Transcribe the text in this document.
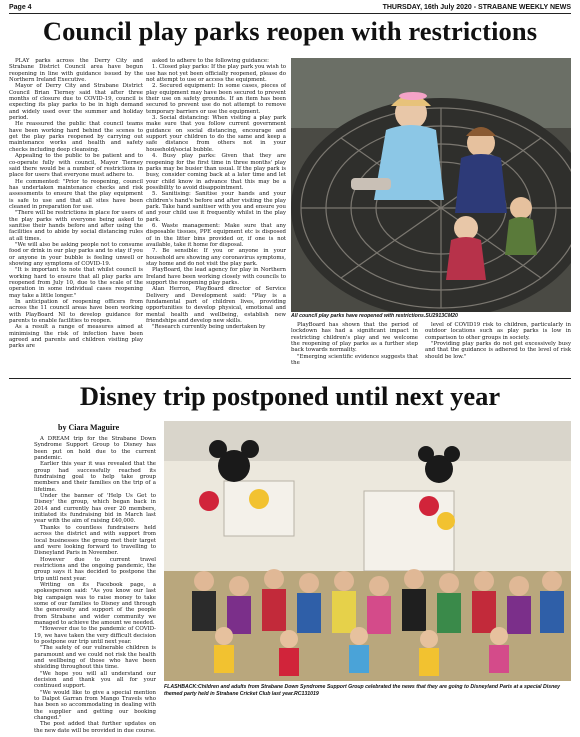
Page 4	THURSDAY, 16th July 2020 - STRABANE WEEKLY NEWS
Council play parks reopen with restrictions

PLAY parks across the Derry City and Strabane District Council area have begun reopening in line with guidance issued by the Northern Ireland Executive.

Mayor of Derry City and Strabane District Council Brian Tierney said that after three months of closure due to COVID-19, council is expecting its play parks to be in high demand and widely used over the summer and holiday period.

He reassured the public that council teams have been working hard behind the scenes to get the play parks reopened by carrying out maintenance works and health and safety checks including deep cleansing.

Appealing to the public to be patient and to co-operate fully with council, Mayor Tierney said there would be a number of restrictions in place for users that everyone must adhere to.

He commented: "Prior to reopening, council has undertaken maintenance checks and risk assessments to ensure that the play equipment is safe to use and that all sites have been cleaned in preparation for use.

"There will be restrictions in place for users of the play parks with everyone being asked to sanitise their hands before and after using the facilities and to abide by social distancing rules at all times.

"We will also be asking people not to consume food or drink in our play parks and to stay if you or anyone in your bubble is feeling unwell or showing any symptoms of COVID-19.

"It is important to note that whilst council is working hard to ensure that all play parks are reopened from July 10, due to the scale of the operation in some individual cases reopening may take a little longer."

In anticipation of reopening officers from across the 11 council areas have been working with PlayBoard NI to develop guidance for parents to enable facilities to reopen.

As a result a range of measures aimed at minimising the risk of infection have been agreed and parents and children visiting play parks are

asked to adhere to the following guidance:

1. Closed play parks: If the play park you wish to use has not yet been officially reopened, please do not attempt to use or access the equipment.

2. Secured equipment: In some cases, pieces of play equipment may have been secured to prevent their use on safety grounds. If an item has been secured to prevent use do not attempt to remove temporary barriers or use the equipment.

3. Social distancing: When visiting a play park make sure that you follow current government guidance on social distancing, encourage and support your children to do the same and keep a safe distance from others not in your household/social bubble.

4. Busy play parks: Given that they are reopening for the first time in three months' play parks may be busier than usual. If the play park is busy, consider coming back at a later time and let your child know in advance that this may be a possibility to avoid disappointment.

5. Sanitising: Sanitise your hands and your children's hand's before and after visiting the play park. Take hand sanitiser with you and ensure you and your child use it frequently whilst in the play park.

6. Waste management: Make sure that any disposable tissues, PPE equipment etc is disposed of in the litter bins provided or, if one is not available, take it home for disposal.

7. Be sensible: If you or anyone in your household are showing any coronavirus symptoms, stay home and do not visit the play park.

PlayBoard, the lead agency for play in Northern Ireland have been working closely with councils to support the reopening play parks.

Alan Herron, PlayBoard director of Service Delivery and Development said: "Play is a fundamental part of children lives, providing opportunities to develop physical, emotional and mental health and wellbeing, establish new friendships and develop new skills.

"Research currently being undertaken by

All council play parks have reopened with restrictions.SU2913CM20

PlayBoard has shown that the period of lockdown has had a significant impact in restricting children's play and we welcome the reopening of play parks as a further step back towards normality.

"Emerging scientific evidence suggests that the

level of COVID19 risk to children, particularly in outdoor locations such as play parks is low in comparison to other groups in society.

"Providing play parks do not get excessively busy and that the guidance is adhered to the level of risk should be low."

Disney trip postponed until next year
by Ciara Maguire

A DREAM trip for the Strabane Down Syndrome Support Group to Disney has been put on hold due to the current pandemic.

Earlier this year it was revealed that the group had successfully reached its fundraising goal to help take group members and their families on the trip of a lifetime.

Under the banner of 'Help Us Get to Disney' the group, which began back in 2014 and currently has over 20 members, initiated its fundraising bid in March last year with the aim of raising £40,000.

Thanks to countless fundraisers held across the district and with support from local businesses the group met their target and were looking forward to travelling to Disneyland Paris in November.

However due to current travel restrictions and the ongoing pandemic, the group says it has decided to postpone the trip until next year.

Writing on its Facebook page, a spokesperson said: "As you know our last big campaign was to raise money to take some of our families to Disney and through the generosity and support of the people from Strabane and wider community we managed to achieve the amount we needed.

"However due to the pandemic of COVID-19, we have taken the very difficult decision to postpone our trip until next year.

"The safety of our vulnerable children is paramount and we could not risk the health and wellbeing of those who have been shielding throughout this time.

"We hope you will all understand our decision and thank you all for your continued support.

"We would like to give a special mention to Dalpot Garran from Mango Travels who has been so accommodating in dealing with the supplier and getting our booking changed."

The post added that further updates on the new date will be provided in due course.

FLASHBACK:Children and adults from Strabane Down Syndrome Support Group celebrated the news that they are going to Disneyland Paris at a special Disney themed party held in Strabane Cricket Club last year.RC131019
